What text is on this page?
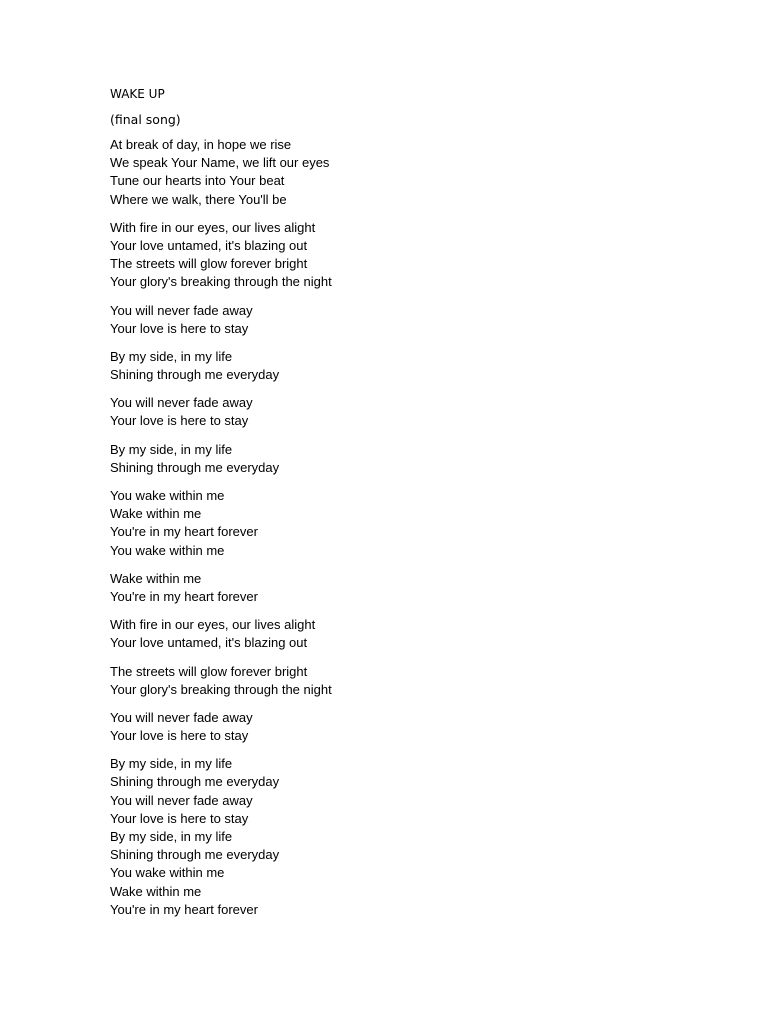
WAKE UP
(final song)
At break of day, in hope we rise
We speak Your Name, we lift our eyes
Tune our hearts into Your beat
Where we walk, there You'll be
With fire in our eyes, our lives alight
Your love untamed, it's blazing out
The streets will glow forever bright
Your glory's breaking through the night
You will never fade away
Your love is here to stay
By my side, in my life
Shining through me everyday
You will never fade away
Your love is here to stay
By my side, in my life
Shining through me everyday
You wake within me
Wake within me
You're in my heart forever
You wake within me
Wake within me
You're in my heart forever
With fire in our eyes, our lives alight
Your love untamed, it's blazing out
The streets will glow forever bright
Your glory's breaking through the night
You will never fade away
Your love is here to stay
By my side, in my life
Shining through me everyday
You will never fade away
Your love is here to stay
By my side, in my life
Shining through me everyday
You wake within me
Wake within me
You're in my heart forever
